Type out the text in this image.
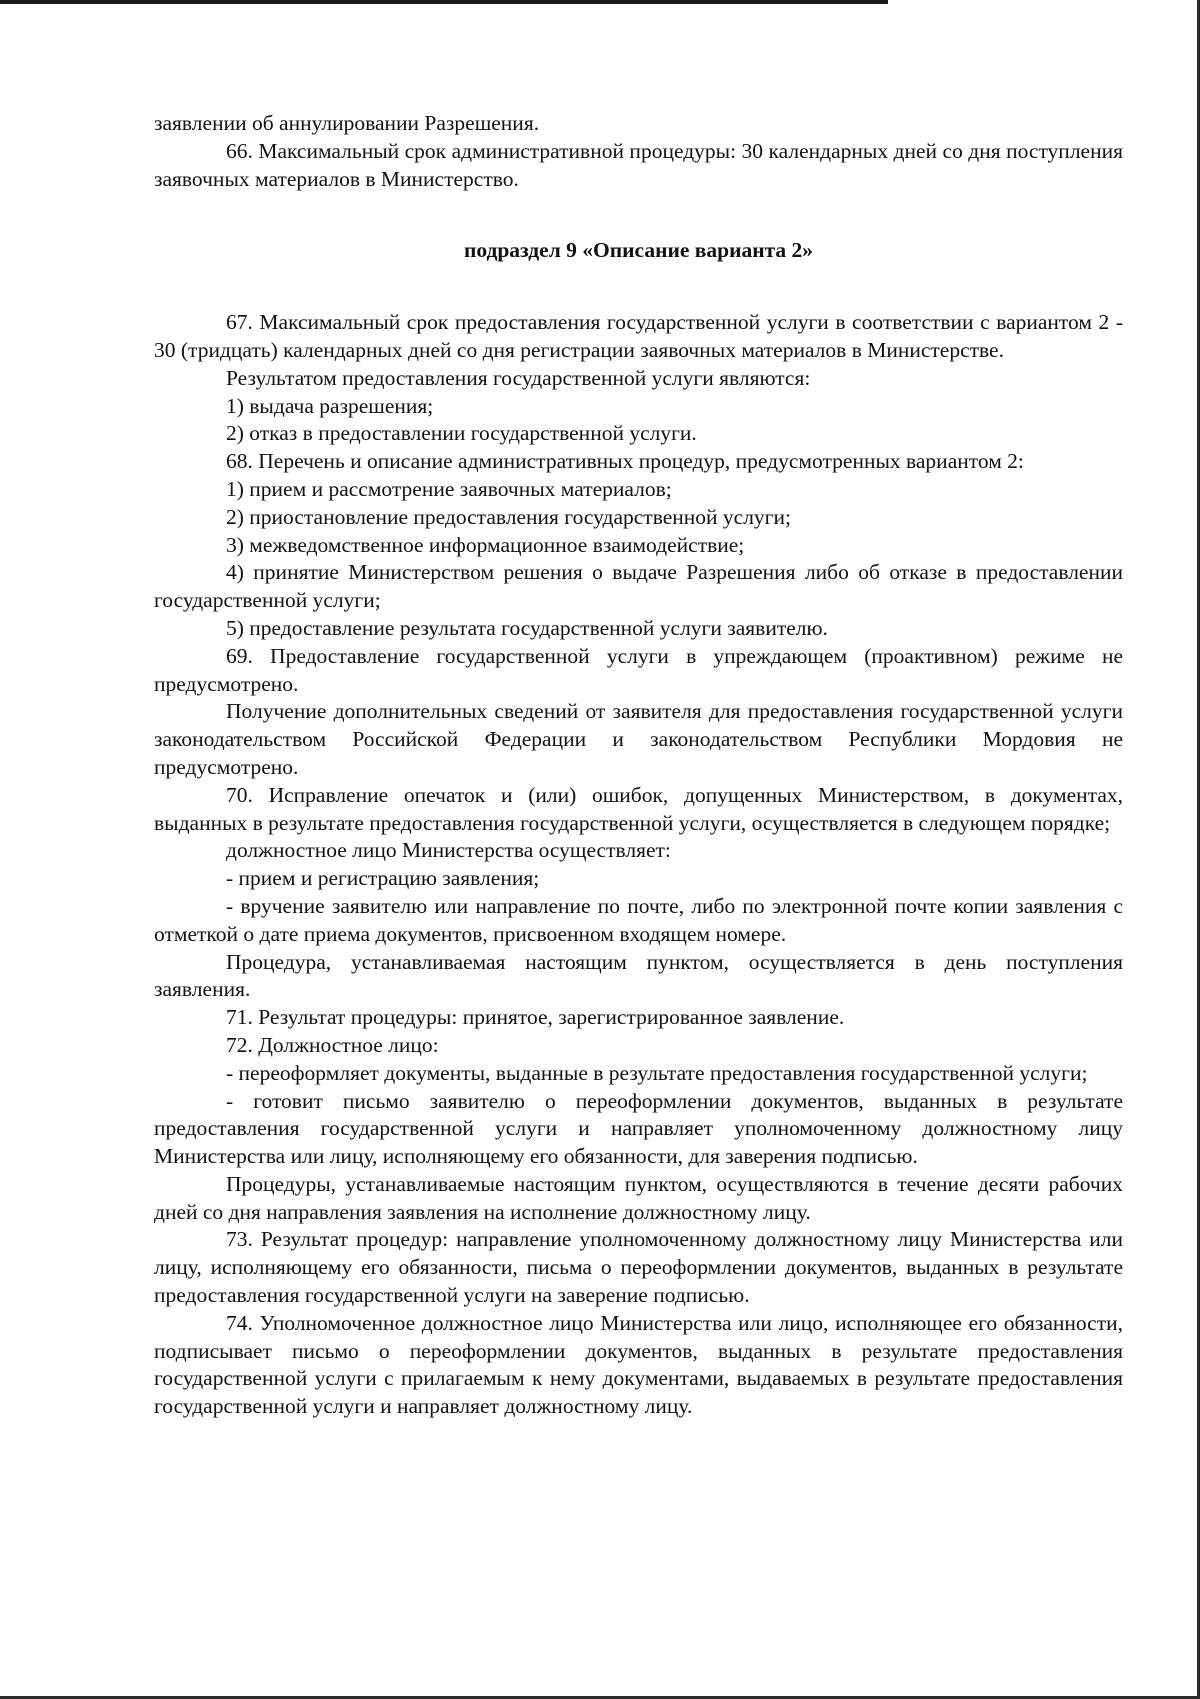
заявлении об аннулировании Разрешения.

66. Максимальный срок административной процедуры: 30 календарных дней со дня поступления заявочных материалов в Министерство.

подраздел 9 «Описание варианта 2»

67. Максимальный срок предоставления государственной услуги в соответствии с вариантом 2 - 30 (тридцать) календарных дней со дня регистрации заявочных материалов в Министерстве.

Результатом предоставления государственной услуги являются:

1) выдача разрешения;

2) отказ в предоставлении государственной услуги.

68. Перечень и описание административных процедур, предусмотренных вариантом 2:

1) прием и рассмотрение заявочных материалов;

2) приостановление предоставления государственной услуги;

3) межведомственное информационное взаимодействие;

4) принятие Министерством решения о выдаче Разрешения либо об отказе в предоставлении государственной услуги;

5) предоставление результата государственной услуги заявителю.

69. Предоставление государственной услуги в упреждающем (проактивном) режиме не предусмотрено.

Получение дополнительных сведений от заявителя для предоставления государственной услуги законодательством Российской Федерации и законодательством Республики Мордовия не предусмотрено.

70. Исправление опечаток и (или) ошибок, допущенных Министерством, в документах, выданных в результате предоставления государственной услуги, осуществляется в следующем порядке;

должностное лицо Министерства осуществляет:

- прием и регистрацию заявления;

- вручение заявителю или направление по почте, либо по электронной почте копии заявления с отметкой о дате приема документов, присвоенном входящем номере.

Процедура, устанавливаемая настоящим пунктом, осуществляется в день поступления заявления.

71. Результат процедуры: принятое, зарегистрированное заявление.

72. Должностное лицо:

- переоформляет документы, выданные в результате предоставления государственной услуги;

- готовит письмо заявителю о переоформлении документов, выданных в результате предоставления государственной услуги и направляет уполномоченному должностному лицу Министерства или лицу, исполняющему его обязанности, для заверения подписью.

Процедуры, устанавливаемые настоящим пунктом, осуществляются в течение десяти рабочих дней со дня направления заявления на исполнение должностному лицу.

73. Результат процедур: направление уполномоченному должностному лицу Министерства или лицу, исполняющему его обязанности, письма о переоформлении документов, выданных в результате предоставления государственной услуги на заверение подписью.

74. Уполномоченное должностное лицо Министерства или лицо, исполняющее его обязанности, подписывает письмо о переоформлении документов, выданных в результате предоставления государственной услуги с прилагаемым к нему документами, выдаваемых в результате предоставления государственной услуги и направляет должностному лицу.
